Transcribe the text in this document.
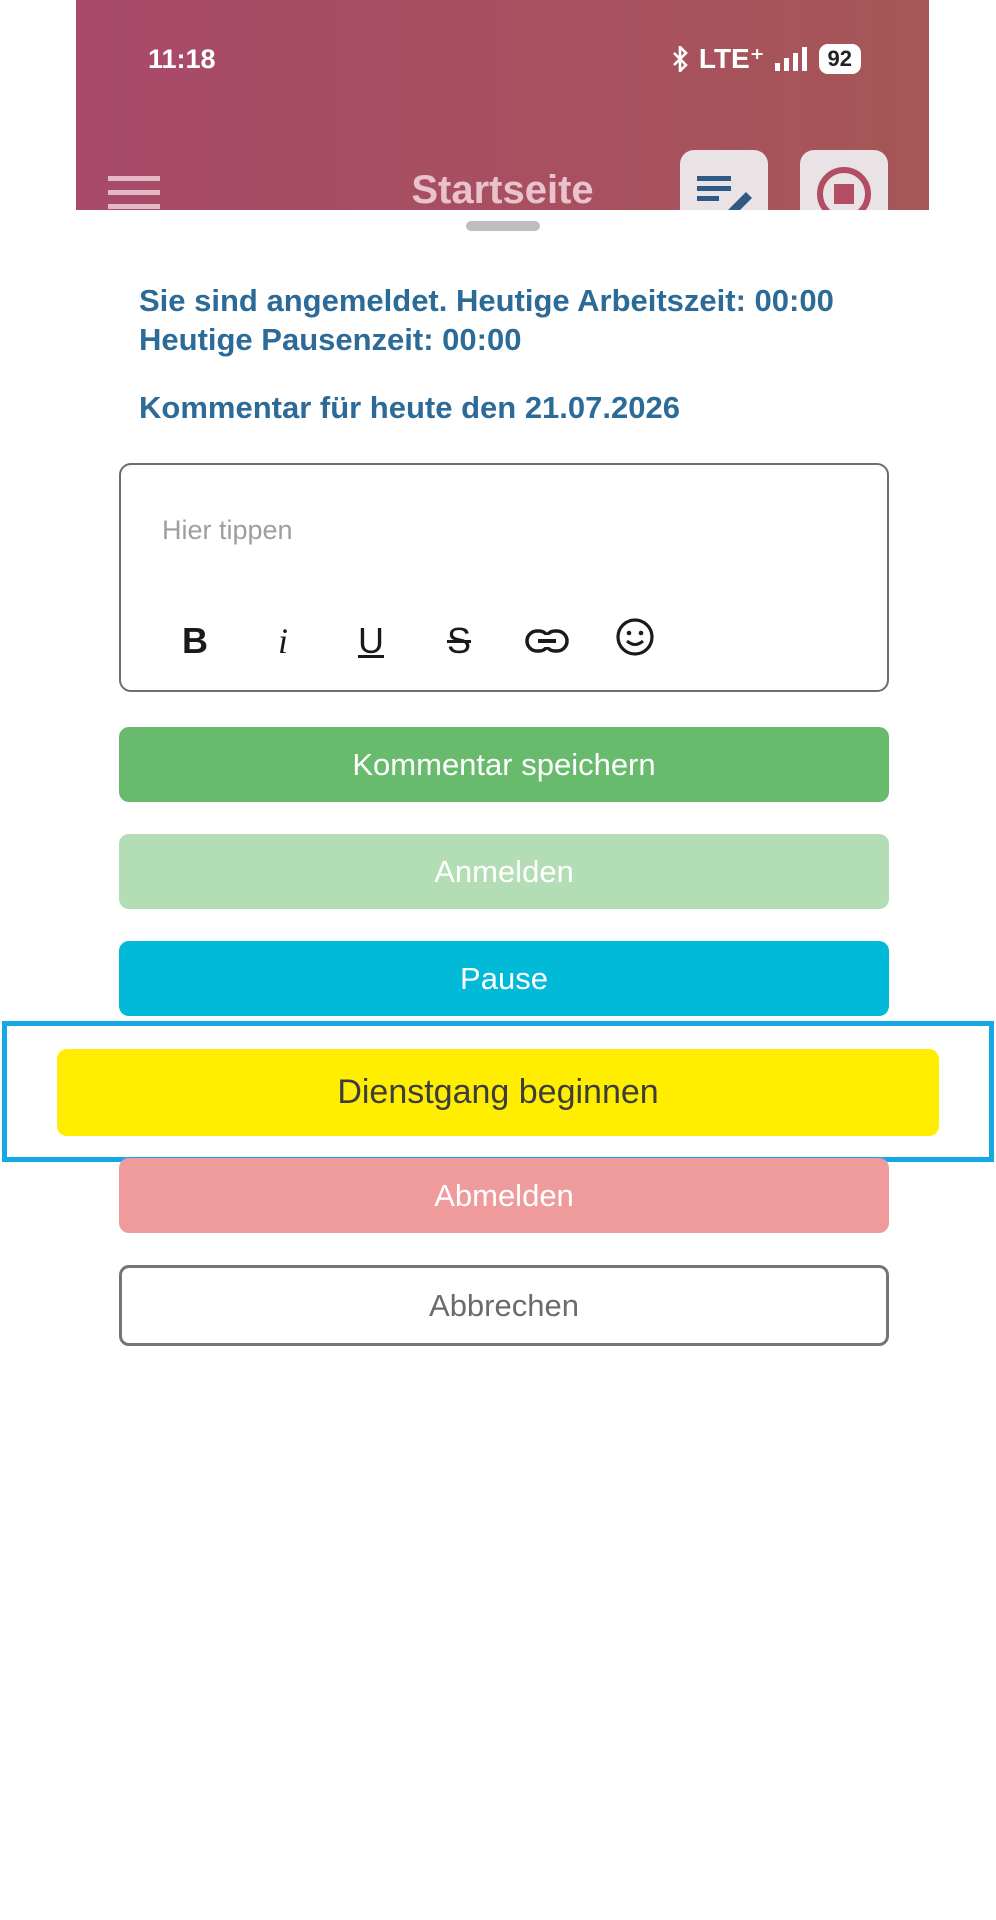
11:18	LTE⁺	92
Startseite
Sie sind angemeldet. Heutige Arbeitszeit: 00:00
Heutige Pausenzeit: 00:00
Kommentar für heute den 21.07.2026
Hier tippen
B	i	U	S
Kommentar speichern
Anmelden
Pause
Dienstgang beginnen
Abmelden
Abbrechen
